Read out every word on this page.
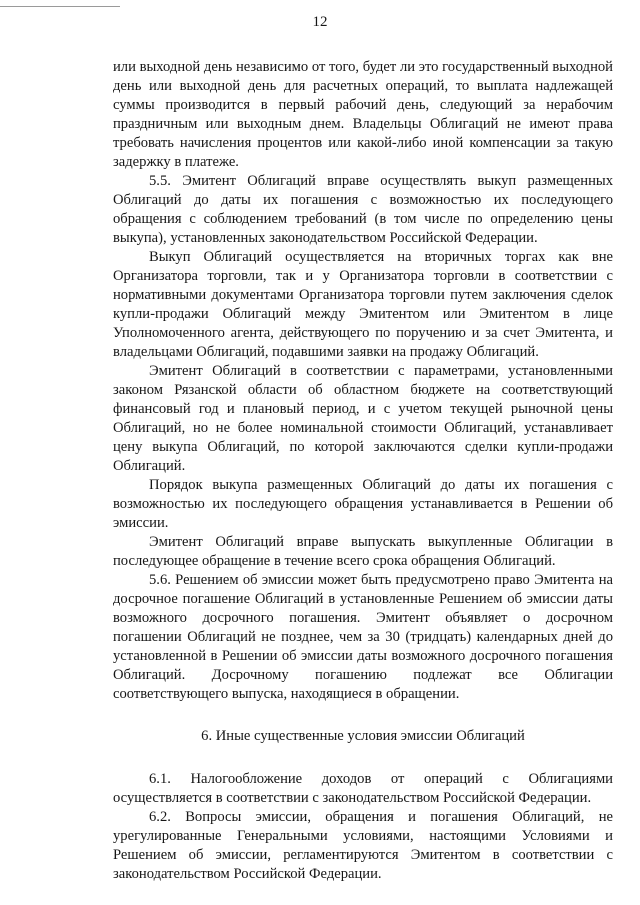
12

или выходной день независимо от того, будет ли это государственный выходной день или выходной день для расчетных операций, то выплата надлежащей суммы производится в первый рабочий день, следующий за нерабочим праздничным или выходным днем. Владельцы Облигаций не имеют права требовать начисления процентов или какой-либо иной компенсации за такую задержку в платеже.

5.5. Эмитент Облигаций вправе осуществлять выкуп размещенных Облигаций до даты их погашения с возможностью их последующего обращения с соблюдением требований (в том числе по определению цены выкупа), установленных законодательством Российской Федерации.

Выкуп Облигаций осуществляется на вторичных торгах как вне Организатора торговли, так и у Организатора торговли в соответствии с нормативными документами Организатора торговли путем заключения сделок купли-продажи Облигаций между Эмитентом или Эмитентом в лице Уполномоченного агента, действующего по поручению и за счет Эмитента, и владельцами Облигаций, подавшими заявки на продажу Облигаций.

Эмитент Облигаций в соответствии с параметрами, установленными законом Рязанской области об областном бюджете на соответствующий финансовый год и плановый период, и с учетом текущей рыночной цены Облигаций, но не более номинальной стоимости Облигаций, устанавливает цену выкупа Облигаций, по которой заключаются сделки купли-продажи Облигаций.

Порядок выкупа размещенных Облигаций до даты их погашения с возможностью их последующего обращения устанавливается в Решении об эмиссии.

Эмитент Облигаций вправе выпускать выкупленные Облигации в последующее обращение в течение всего срока обращения Облигаций.

5.6. Решением об эмиссии может быть предусмотрено право Эмитента на досрочное погашение Облигаций в установленные Решением об эмиссии даты возможного досрочного погашения. Эмитент объявляет о досрочном погашении Облигаций не позднее, чем за 30 (тридцать) календарных дней до установленной в Решении об эмиссии даты возможного досрочного погашения Облигаций. Досрочному погашению подлежат все Облигации соответствующего выпуска, находящиеся в обращении.

6. Иные существенные условия эмиссии Облигаций

6.1. Налогообложение доходов от операций с Облигациями осуществляется в соответствии с законодательством Российской Федерации.

6.2. Вопросы эмиссии, обращения и погашения Облигаций, не урегулированные Генеральными условиями, настоящими Условиями и Решением об эмиссии, регламентируются Эмитентом в соответствии с законодательством Российской Федерации.
